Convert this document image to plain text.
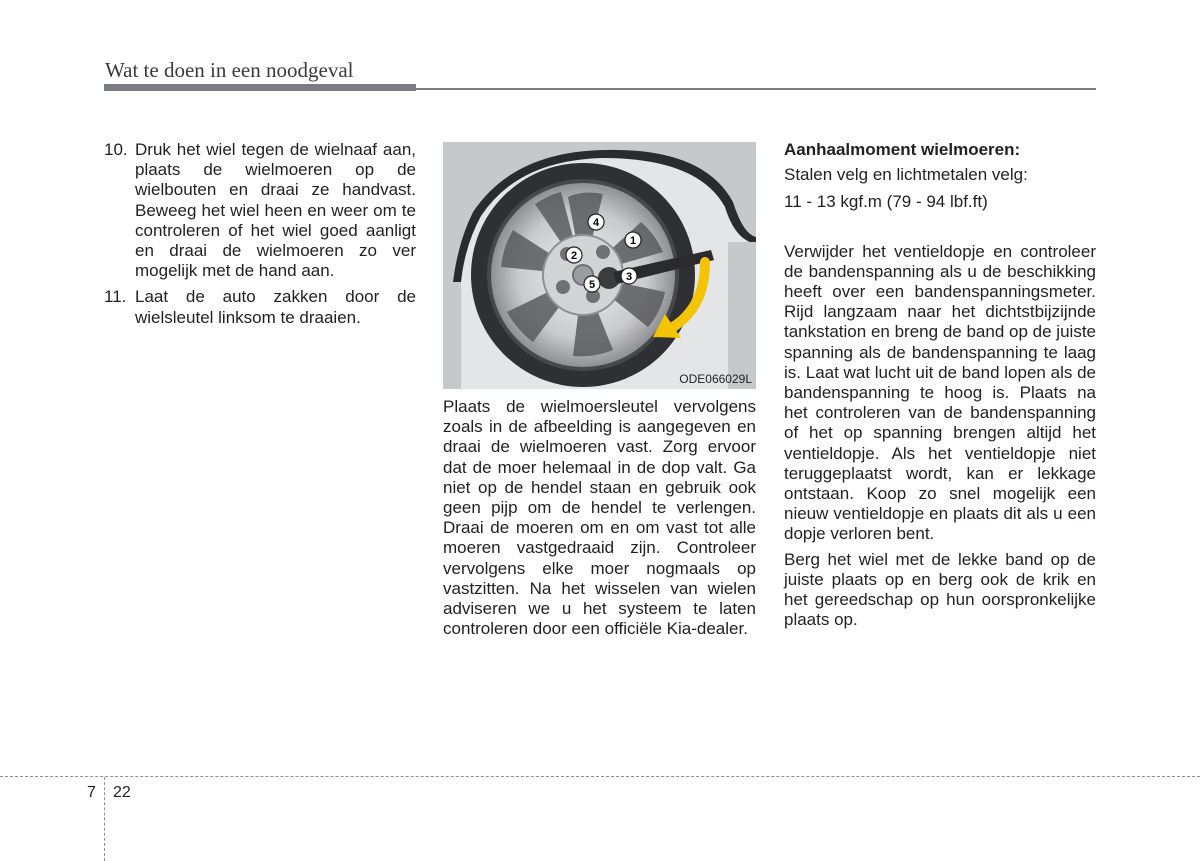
Wat te doen in een noodgeval
10. Druk het wiel tegen de wielnaaf aan, plaats de wielmoeren op de wielbouten en draai ze handvast. Beweeg het wiel heen en weer om te controleren of het wiel goed aanligt en draai de wielmoeren zo ver mogelijk met de hand aan.
11. Laat de auto zakken door de wielsleutel linksom te draaien.
1
2
3
4
5
ODE066029L

Plaats de wielmoersleutel vervolgens zoals in de afbeelding is aangegeven en draai de wielmoeren vast. Zorg ervoor dat de moer helemaal in de dop valt. Ga niet op de hendel staan en gebruik ook geen pijp om de hendel te verlengen. Draai de moeren om en om vast tot alle moeren vastgedraaid zijn. Controleer vervolgens elke moer nogmaals op vastzitten. Na het wisselen van wielen adviseren we u het systeem te laten controleren door een officiële Kia-dealer.

Aanhaalmoment wielmoeren:
Stalen velg en lichtmetalen velg:
11 - 13 kgf.m (79 - 94 lbf.ft)

Verwijder het ventieldopje en controleer de bandenspanning als u de beschikking heeft over een bandenspanningsmeter. Rijd langzaam naar het dichtstbijzijnde tankstation en breng de band op de juiste spanning als de bandenspanning te laag is. Laat wat lucht uit de band lopen als de bandenspanning te hoog is. Plaats na het controleren van de bandenspanning of het op spanning brengen altijd het ventieldopje. Als het ventieldopje niet teruggeplaatst wordt, kan er lekkage ontstaan. Koop zo snel mogelijk een nieuw ventieldopje en plaats dit als u een dopje verloren bent.

Berg het wiel met de lekke band op de juiste plaats op en berg ook de krik en het gereedschap op hun oorspronkelijke plaats op.

7 22
